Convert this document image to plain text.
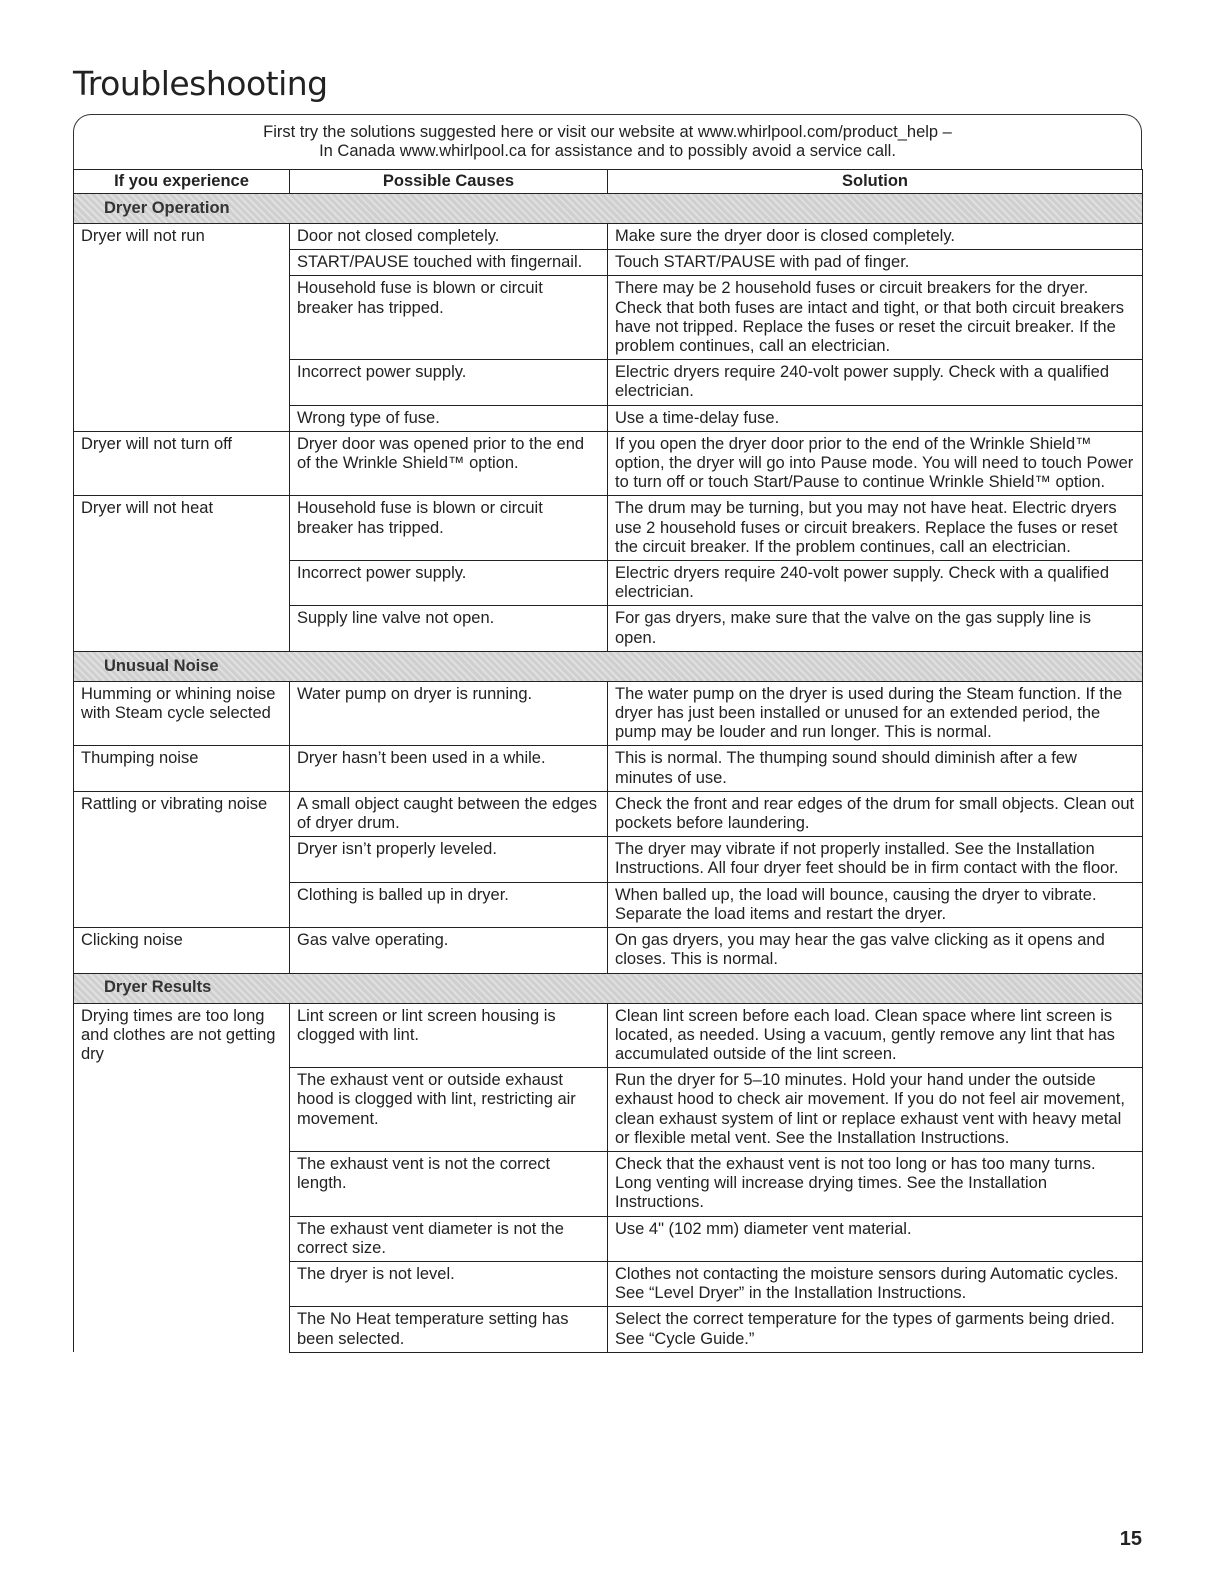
Troubleshooting
First try the solutions suggested here or visit our website at www.whirlpool.com/product_help –
In Canada www.whirlpool.ca for assistance and to possibly avoid a service call.
If you experience	Possible Causes	Solution
Dryer Operation		
Dryer will not run	Door not closed completely.	Make sure the dryer door is closed completely.
	START/PAUSE touched with fingernail.	Touch START/PAUSE with pad of finger.
	Household fuse is blown or circuit breaker has tripped.	There may be 2 household fuses or circuit breakers for the dryer. Check that both fuses are intact and tight, or that both circuit breakers have not tripped. Replace the fuses or reset the circuit breaker. If the problem continues, call an electrician.
	Incorrect power supply.	Electric dryers require 240-volt power supply. Check with a qualified electrician.
	Wrong type of fuse.	Use a time-delay fuse.
Dryer will not turn off	Dryer door was opened prior to the end of the Wrinkle Shield™ option.	If you open the dryer door prior to the end of the Wrinkle Shield™ option, the dryer will go into Pause mode. You will need to touch Power to turn off or touch Start/Pause to continue Wrinkle Shield™ option.
Dryer will not heat	Household fuse is blown or circuit breaker has tripped.	The drum may be turning, but you may not have heat. Electric dryers use 2 household fuses or circuit breakers. Replace the fuses or reset the circuit breaker. If the problem continues, call an electrician.
	Incorrect power supply.	Electric dryers require 240-volt power supply. Check with a qualified electrician.
	Supply line valve not open.	For gas dryers, make sure that the valve on the gas supply line is open.
Unusual Noise		
Humming or whining noise with Steam cycle selected	Water pump on dryer is running.	The water pump on the dryer is used during the Steam function. If the dryer has just been installed or unused for an extended period, the pump may be louder and run longer. This is normal.
Thumping noise	Dryer hasn’t been used in a while.	This is normal. The thumping sound should diminish after a few minutes of use.
Rattling or vibrating noise	A small object caught between the edges of dryer drum.	Check the front and rear edges of the drum for small objects. Clean out pockets before laundering.
	Dryer isn’t properly leveled.	The dryer may vibrate if not properly installed. See the Installation Instructions. All four dryer feet should be in firm contact with the floor.
	Clothing is balled up in dryer.	When balled up, the load will bounce, causing the dryer to vibrate. Separate the load items and restart the dryer.
Clicking noise	Gas valve operating.	On gas dryers, you may hear the gas valve clicking as it opens and closes. This is normal.
Dryer Results		
Drying times are too long and clothes are not getting dry	Lint screen or lint screen housing is clogged with lint.	Clean lint screen before each load. Clean space where lint screen is located, as needed. Using a vacuum, gently remove any lint that has accumulated outside of the lint screen.
	The exhaust vent or outside exhaust hood is clogged with lint, restricting air movement.	Run the dryer for 5–10 minutes. Hold your hand under the outside exhaust hood to check air movement. If you do not feel air movement, clean exhaust system of lint or replace exhaust vent with heavy metal or flexible metal vent. See the Installation Instructions.
	The exhaust vent is not the correct length.	Check that the exhaust vent is not too long or has too many turns. Long venting will increase drying times. See the Installation Instructions.
	The exhaust vent diameter is not the correct size.	Use 4" (102 mm) diameter vent material.
	The dryer is not level.	Clothes not contacting the moisture sensors during Automatic cycles. See “Level Dryer” in the Installation Instructions.
	The No Heat temperature setting has been selected.	Select the correct temperature for the types of garments being dried. See “Cycle Guide.”
15
